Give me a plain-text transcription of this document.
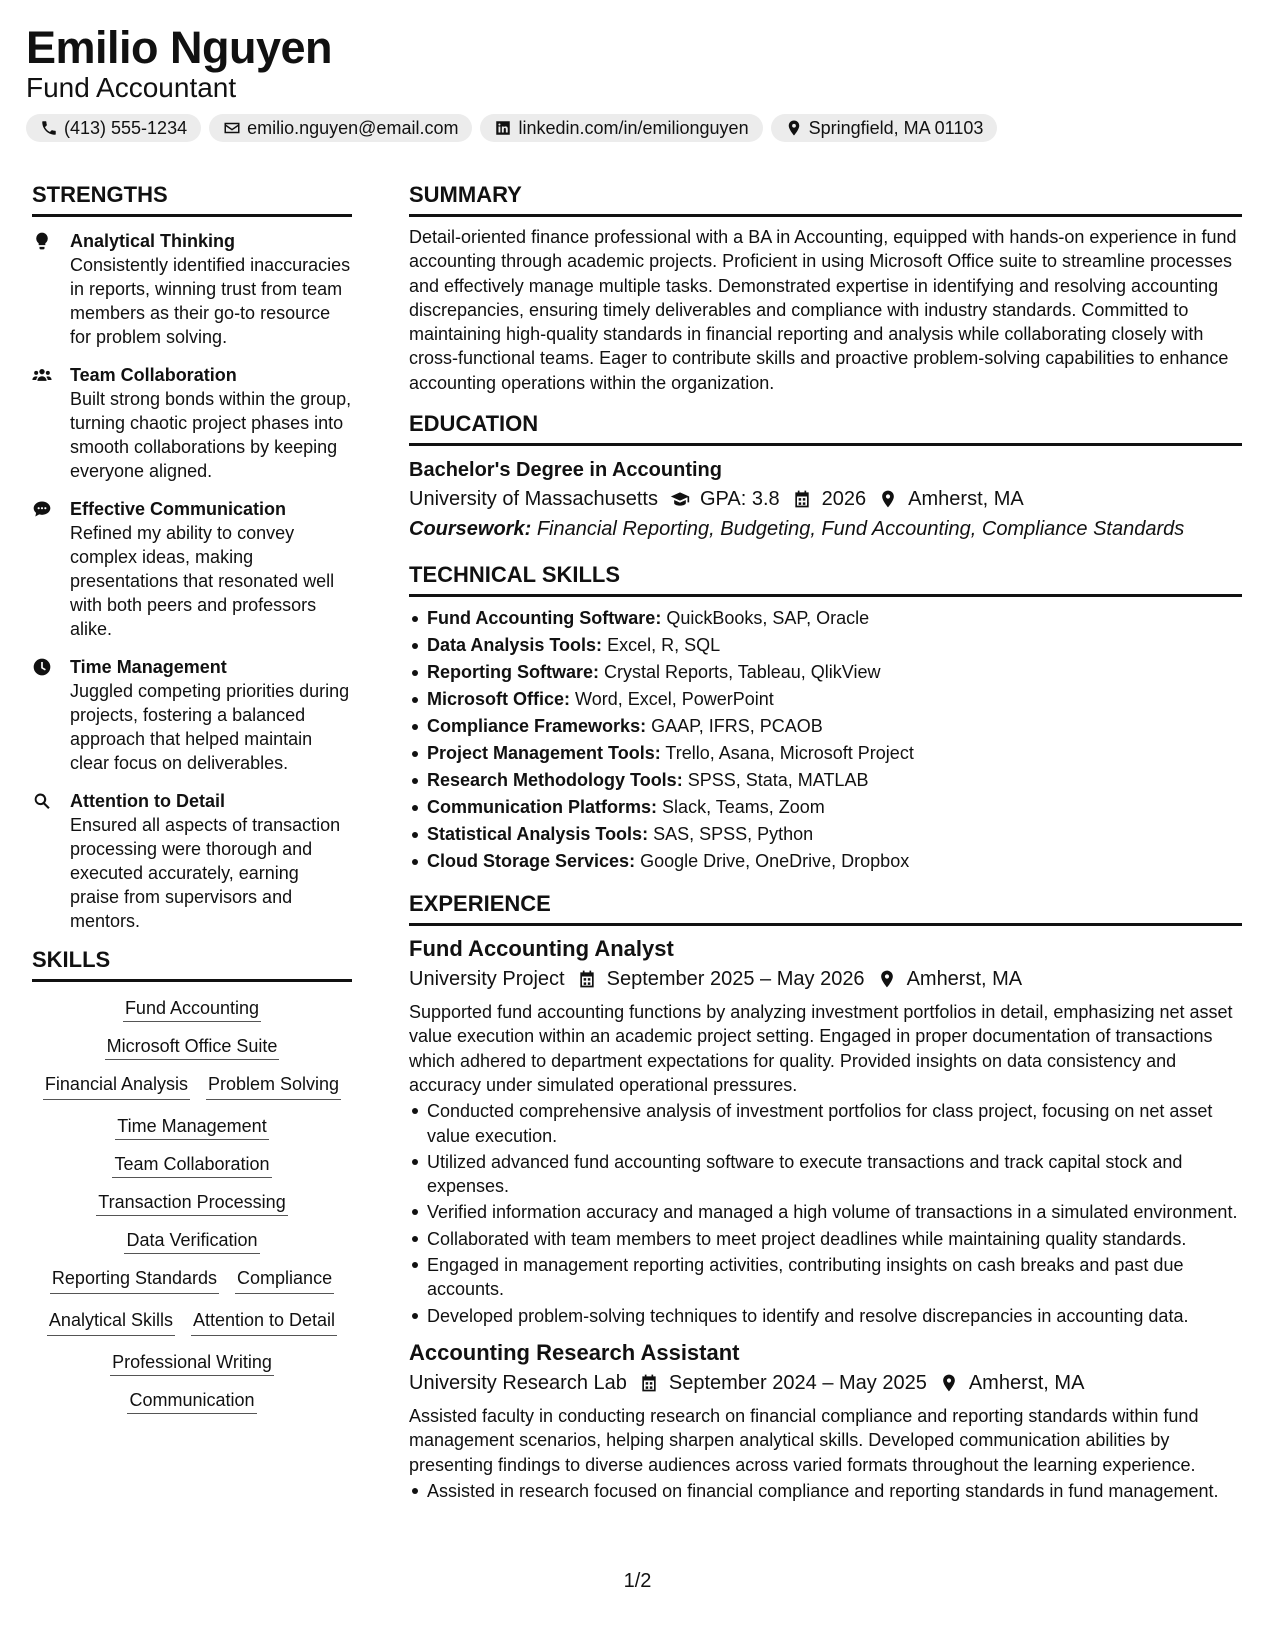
Emilio Nguyen
Fund Accountant
(413) 555-1234	emilio.nguyen@email.com	linkedin.com/in/emilionguyen	Springfield, MA 01103
STRENGTHS
Analytical Thinking
Consistently identified inaccuracies in reports, winning trust from team members as their go-to resource for problem solving.
Team Collaboration
Built strong bonds within the group, turning chaotic project phases into smooth collaborations by keeping everyone aligned.
Effective Communication
Refined my ability to convey complex ideas, making presentations that resonated well with both peers and professors alike.
Time Management
Juggled competing priorities during projects, fostering a balanced approach that helped maintain clear focus on deliverables.
Attention to Detail
Ensured all aspects of transaction processing were thorough and executed accurately, earning praise from supervisors and mentors.
SKILLS
Fund Accounting
Microsoft Office Suite
Financial Analysis Problem Solving
Time Management
Team Collaboration
Transaction Processing
Data Verification
Reporting Standards Compliance
Analytical Skills Attention to Detail
Professional Writing
Communication
SUMMARY
Detail-oriented finance professional with a BA in Accounting, equipped with hands-on experience in fund accounting through academic projects. Proficient in using Microsoft Office suite to streamline processes and effectively manage multiple tasks. Demonstrated expertise in identifying and resolving accounting discrepancies, ensuring timely deliverables and compliance with industry standards. Committed to maintaining high-quality standards in financial reporting and analysis while collaborating closely with cross-functional teams. Eager to contribute skills and proactive problem-solving capabilities to enhance accounting operations within the organization.
EDUCATION
Bachelor's Degree in Accounting
University of Massachusetts GPA: 3.8 2026 Amherst, MA
Coursework: Financial Reporting, Budgeting, Fund Accounting, Compliance Standards
TECHNICAL SKILLS
Fund Accounting Software: QuickBooks, SAP, Oracle
Data Analysis Tools: Excel, R, SQL
Reporting Software: Crystal Reports, Tableau, QlikView
Microsoft Office: Word, Excel, PowerPoint
Compliance Frameworks: GAAP, IFRS, PCAOB
Project Management Tools: Trello, Asana, Microsoft Project
Research Methodology Tools: SPSS, Stata, MATLAB
Communication Platforms: Slack, Teams, Zoom
Statistical Analysis Tools: SAS, SPSS, Python
Cloud Storage Services: Google Drive, OneDrive, Dropbox
EXPERIENCE
Fund Accounting Analyst
University Project September 2025 – May 2026 Amherst, MA
Supported fund accounting functions by analyzing investment portfolios in detail, emphasizing net asset value execution within an academic project setting. Engaged in proper documentation of transactions which adhered to department expectations for quality. Provided insights on data consistency and accuracy under simulated operational pressures.
Conducted comprehensive analysis of investment portfolios for class project, focusing on net asset value execution.
Utilized advanced fund accounting software to execute transactions and track capital stock and expenses.
Verified information accuracy and managed a high volume of transactions in a simulated environment.
Collaborated with team members to meet project deadlines while maintaining quality standards.
Engaged in management reporting activities, contributing insights on cash breaks and past due accounts.
Developed problem-solving techniques to identify and resolve discrepancies in accounting data.
Accounting Research Assistant
University Research Lab September 2024 – May 2025 Amherst, MA
Assisted faculty in conducting research on financial compliance and reporting standards within fund management scenarios, helping sharpen analytical skills. Developed communication abilities by presenting findings to diverse audiences across varied formats throughout the learning experience.
Assisted in research focused on financial compliance and reporting standards in fund management.
1/2
